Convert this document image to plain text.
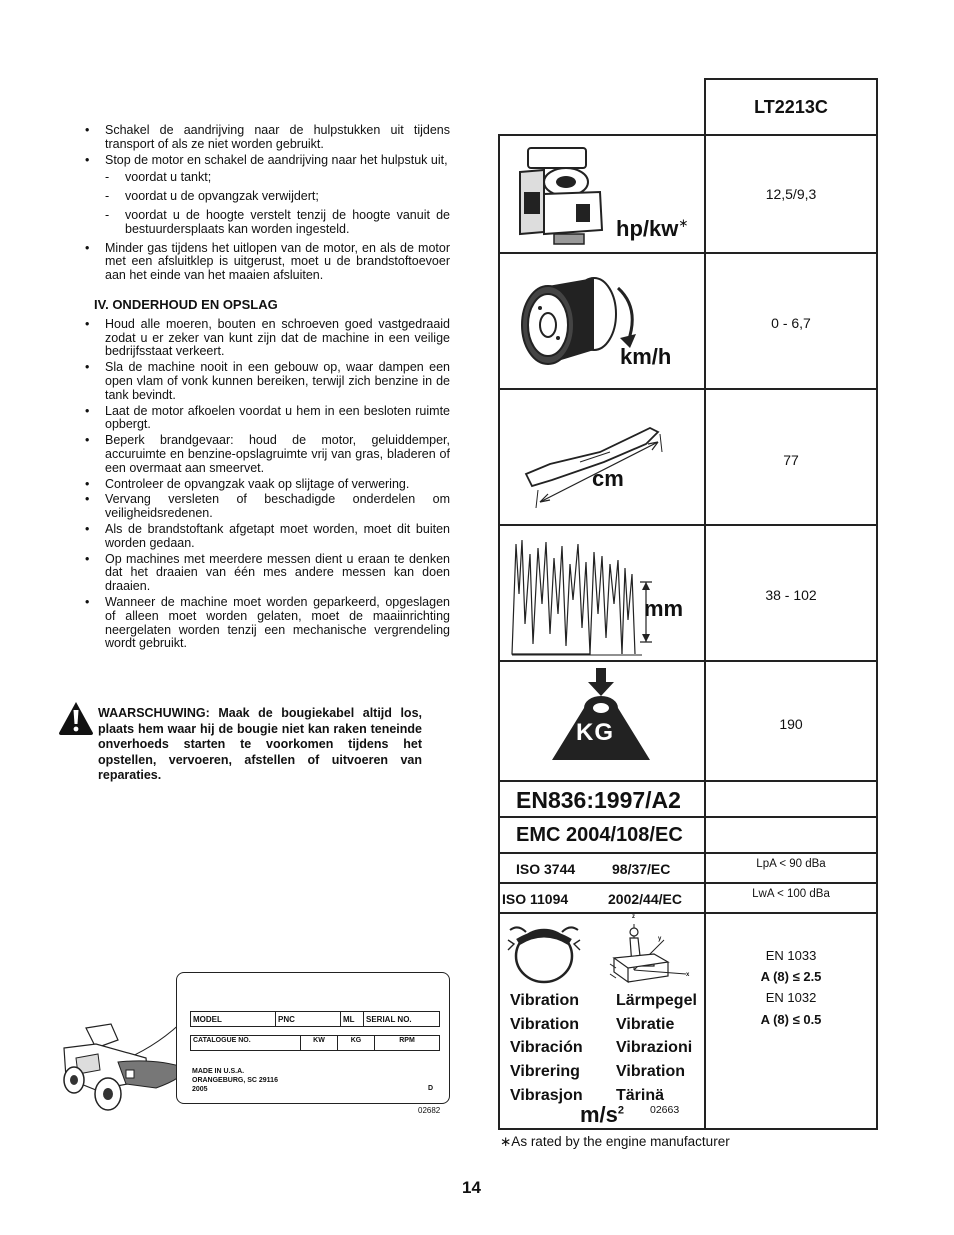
• Schakel de aandrijving naar de hulpstukken uit tijdens transport of als ze niet worden gebruikt.
• Stop de motor en schakel de aandrijving naar het hulpstuk uit,
- voordat u tankt;
- voordat u de opvangzak verwijdert;
- voordat u de hoogte verstelt tenzij de hoogte vanuit de bestuurdersplaats kan worden ingesteld.
• Minder gas tijdens het uitlopen van de motor, en als de motor met een afsluitklep is uitgerust, moet u de brandstoftoevoer aan het einde van het maaien afsluiten.
IV. ONDERHOUD EN OPSLAG
• Houd alle moeren, bouten en schroeven goed vastgedraaid zodat u er zeker van kunt zijn dat de machine in een veilige bedrijfsstaat verkeert.
• Sla de machine nooit in een gebouw op, waar dampen een open vlam of vonk kunnen bereiken, terwijl zich benzine in de tank bevindt.
• Laat de motor afkoelen voordat u hem in een besloten ruimte opbergt.
• Beperk brandgevaar: houd de motor, geluiddemper, accuruimte en benzine-opslagruimte vrij van gras, bladeren of een overmaat aan smeervet.
• Controleer de opvangzak vaak op slijtage of verwering.
• Vervang versleten of beschadigde onderdelen om veiligheidsredenen.
• Als de brandstoftank afgetapt moet worden, moet dit buiten worden gedaan.
• Op machines met meerdere messen dient u eraan te denken dat het draaien van één mes andere messen kan doen draaien.
• Wanneer de machine moet worden geparkeerd, opgeslagen of alleen moet worden gelaten, moet de maaiinrichting neergelaten worden tenzij een mechanische vergrendeling wordt gebruikt.
WAARSCHUWING: Maak de bougiekabel altijd los, plaats hem waar hij de bougie niet kan raken teneinde onverhoeds starten te voorkomen tijdens het opstellen, vervoeren, afstellen of uitvoeren van reparaties.
MODEL	PNC	ML	SERIAL NO.
CATALOGUE NO.	KW	KG	RPM
MADE IN U.S.A.
ORANGEBURG, SC 29116
2005	D
02682
LT2213C
hp/kw∗
12,5/9,3
km/h
0 - 6,7
cm
77
mm
38 - 102
KG	190
EN836:1997/A2
EMC 2004/108/EC
ISO 3744	98/37/EC	LpA < 90 dBa
ISO 11094	2002/44/EC	LwA < 100 dBa
z
y
x
Vibration
Vibration
Vibración
Vibrering
Vibrasjon
Lärmpegel
Vibratie
Vibrazioni
Vibration
Tärinä
$m/s^2$ 02663
EN 1033
A (8) ≤ 2.5
EN 1032
A (8) ≤ 0.5
∗As rated by the engine manufacturer
14
